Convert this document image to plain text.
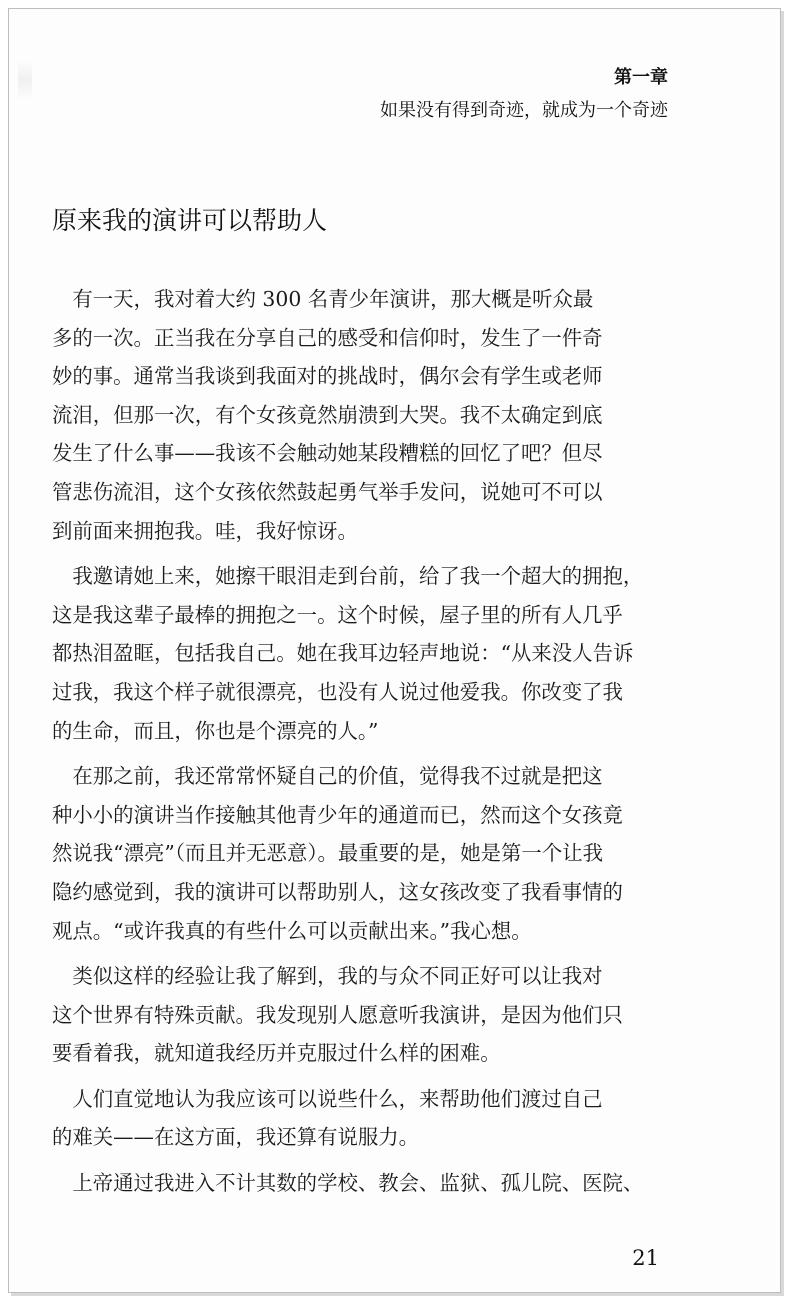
第一章
如果没有得到奇迹，就成为一个奇迹
原来我的演讲可以帮助人
　有一天，我对着大约 300 名青少年演讲，那大概是听众最
多的一次。正当我在分享自己的感受和信仰时，发生了一件奇
妙的事。通常当我谈到我面对的挑战时，偶尔会有学生或老师
流泪，但那一次，有个女孩竟然崩溃到大哭。我不太确定到底
发生了什么事——我该不会触动她某段糟糕的回忆了吧？但尽
管悲伤流泪，这个女孩依然鼓起勇气举手发问，说她可不可以
到前面来拥抱我。哇，我好惊讶。
　我邀请她上来，她擦干眼泪走到台前，给了我一个超大的拥抱，
这是我这辈子最棒的拥抱之一。这个时候，屋子里的所有人几乎
都热泪盈眶，包括我自己。她在我耳边轻声地说：“从来没人告诉
过我，我这个样子就很漂亮，也没有人说过他爱我。你改变了我
的生命，而且，你也是个漂亮的人。”
　在那之前，我还常常怀疑自己的价值，觉得我不过就是把这
种小小的演讲当作接触其他青少年的通道而已，然而这个女孩竟
然说我“漂亮”（而且并无恶意）。最重要的是，她是第一个让我
隐约感觉到，我的演讲可以帮助别人，这女孩改变了我看事情的
观点。“或许我真的有些什么可以贡献出来。”我心想。
　类似这样的经验让我了解到，我的与众不同正好可以让我对
这个世界有特殊贡献。我发现别人愿意听我演讲，是因为他们只
要看着我，就知道我经历并克服过什么样的困难。
　人们直觉地认为我应该可以说些什么，来帮助他们渡过自己
的难关——在这方面，我还算有说服力。
　上帝通过我进入不计其数的学校、教会、监狱、孤儿院、医院、
21
